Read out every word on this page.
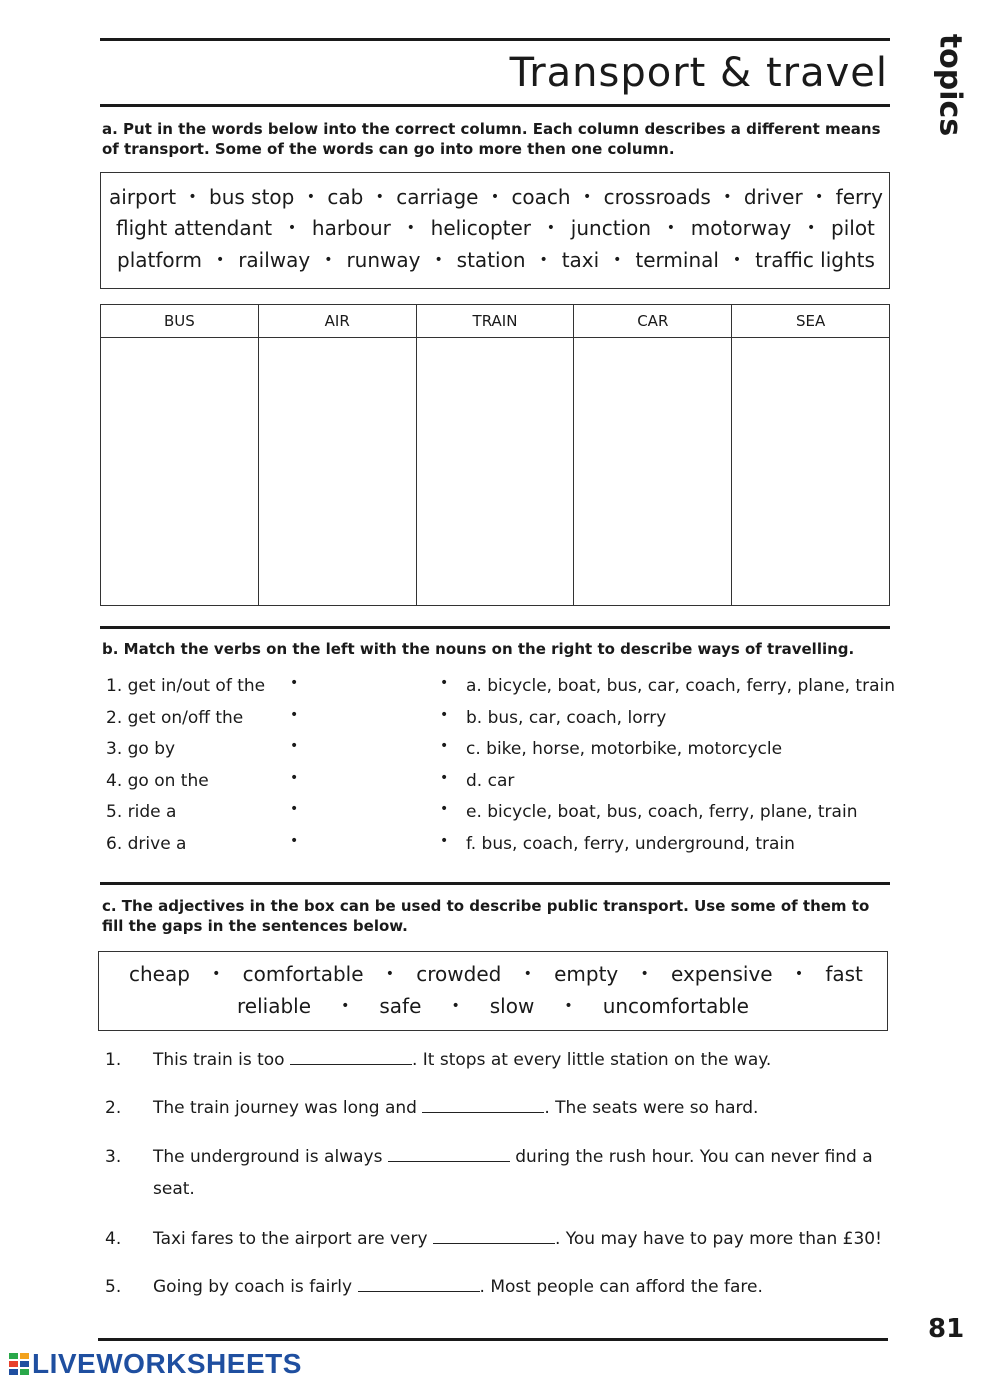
Transport & travel topics

a. Put in the words below into the correct column. Each column describes a different means of transport. Some of the words can go into more then one column.

airport • bus stop • cab • carriage • coach • crossroads • driver • ferry
flight attendant • harbour • helicopter • junction • motorway • pilot
platform • railway • runway • station • taxi • terminal • traffic lights
BUS	AIR	TRAIN	CAR	SEA

b. Match the verbs on the left with the nouns on the right to describe ways of travelling.

1. get in/out of the •	• a. bicycle, boat, bus, car, coach, ferry, plane, train
2. get on/off the	•	• b. bus, car, coach, lorry
3. go by	•	• c. bike, horse, motorbike, motorcycle
4. go on the	•	• d. car
5. ride a	•	• e. bicycle, boat, bus, coach, ferry, plane, train
6. drive a	•	• f. bus, coach, ferry, underground, train

c. The adjectives in the box can be used to describe public transport. Use some of them to fill the gaps in the sentences below.

cheap • comfortable • crowded • empty • expensive • fast
reliable • safe • slow • uncomfortable
1. This train is too	. It stops at every little station on the way.
2. The train journey was long and	. The seats were so hard.
3. The underground is always	during the rush hour. You can never find a seat.
4. Taxi fares to the airport are very	. You may have to pay more than £30!
5. Going by coach is fairly	. Most people can afford the fare.
81
LIVEWORKSHEETS
